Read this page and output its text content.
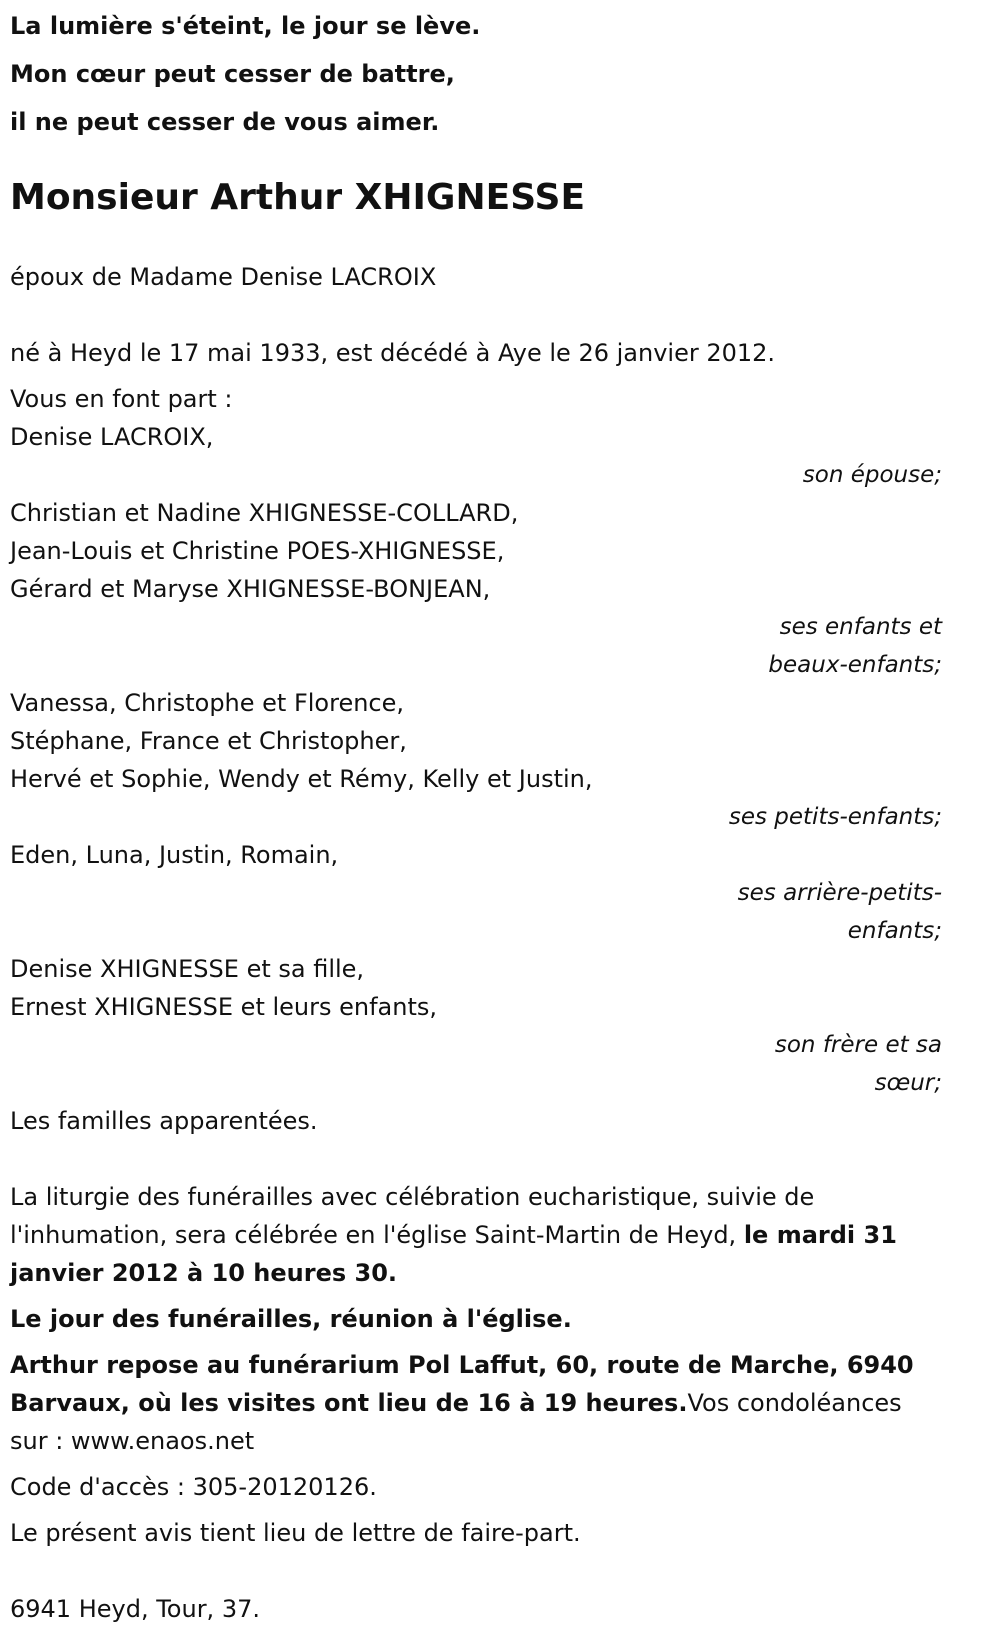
La lumière s'éteint, le jour se lève.
Mon cœur peut cesser de battre,
il ne peut cesser de vous aimer.
Monsieur Arthur XHIGNESSE
époux de Madame Denise LACROIX
né à Heyd le 17 mai 1933, est décédé à Aye le 26 janvier 2012.
Vous en font part :
Denise LACROIX,
son épouse;
Christian et Nadine XHIGNESSE-COLLARD,
Jean-Louis et Christine POES-XHIGNESSE,
Gérard et Maryse XHIGNESSE-BONJEAN,
ses enfants et beaux-enfants;
Vanessa, Christophe et Florence,
Stéphane, France et Christopher,
Hervé et Sophie, Wendy et Rémy, Kelly et Justin,
ses petits-enfants;
Eden, Luna, Justin, Romain,
ses arrière-petits-enfants;
Denise XHIGNESSE et sa fille,
Ernest XHIGNESSE et leurs enfants,
son frère et sa sœur;
Les familles apparentées.
La liturgie des funérailles avec célébration eucharistique, suivie de l'inhumation, sera célébrée en l'église Saint-Martin de Heyd, le mardi 31 janvier 2012 à 10 heures 30.
Le jour des funérailles, réunion à l'église.
Arthur repose au funérarium Pol Laffut, 60, route de Marche, 6940 Barvaux, où les visites ont lieu de 16 à 19 heures.Vos condoléances sur : www.enaos.net
Code d'accès : 305-20120126.
Le présent avis tient lieu de lettre de faire-part.
6941 Heyd, Tour, 37.
